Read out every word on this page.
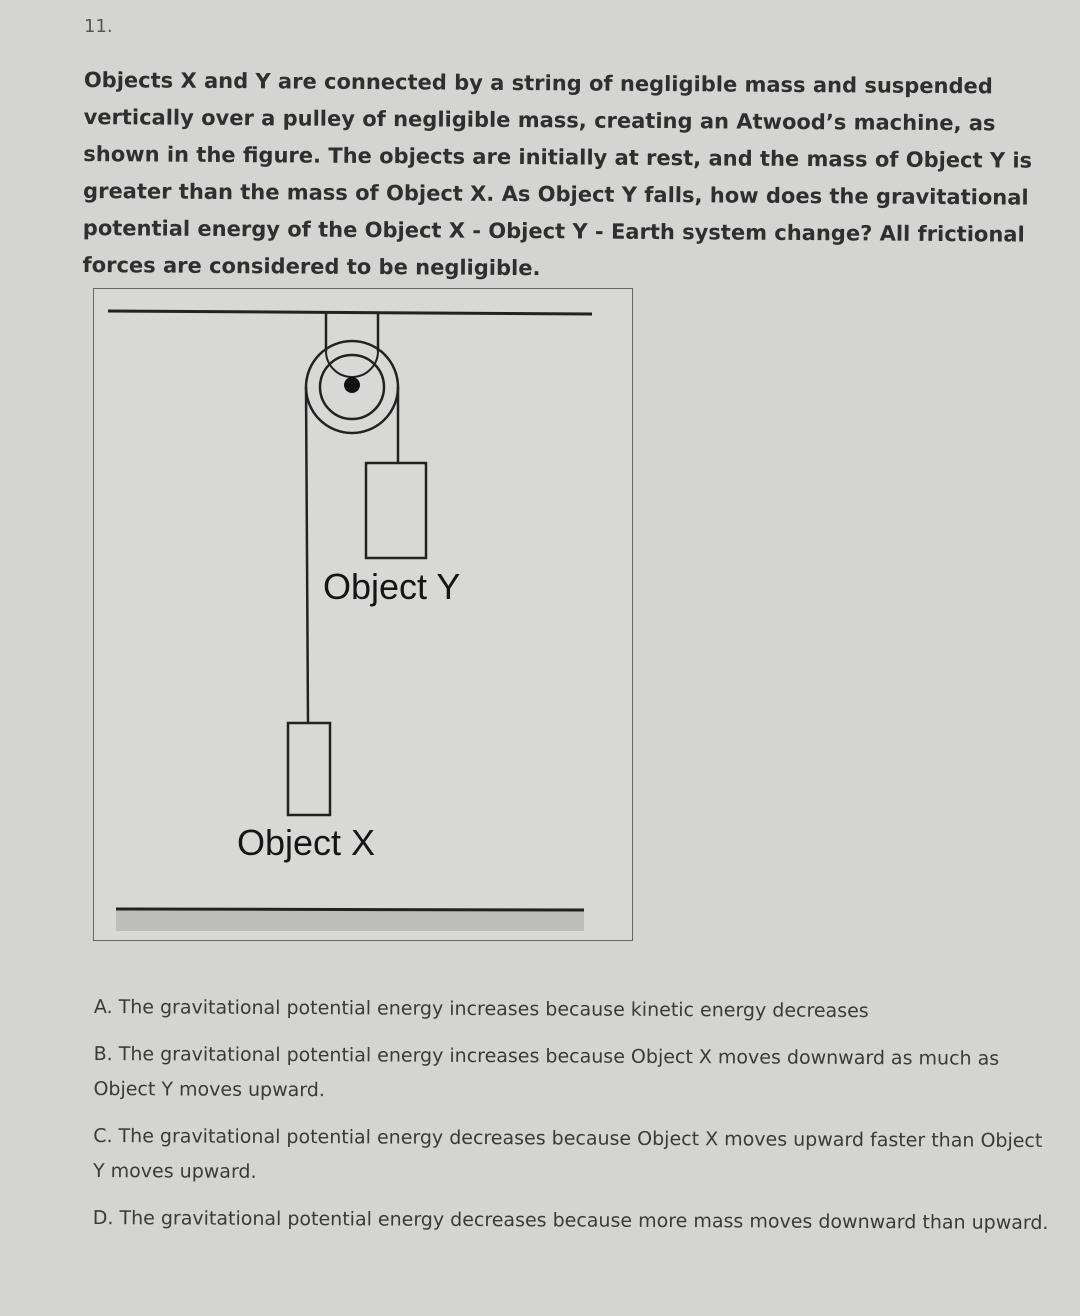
11.
Objects X and Y are connected by a string of negligible mass and suspended vertically over a pulley of negligible mass, creating an Atwood’s machine, as shown in the figure. The objects are initially at rest, and the mass of Object Y is greater than the mass of Object X. As Object Y falls, how does the gravitational potential energy of the Object X - Object Y - Earth system change? All frictional forces are considered to be negligible.
Object Y
Object X
A. The gravitational potential energy increases because kinetic energy decreases
B. The gravitational potential energy increases because Object X moves downward as much as Object Y moves upward.
C. The gravitational potential energy decreases because Object X moves upward faster than Object Y moves upward.
D. The gravitational potential energy decreases because more mass moves downward than upward.
